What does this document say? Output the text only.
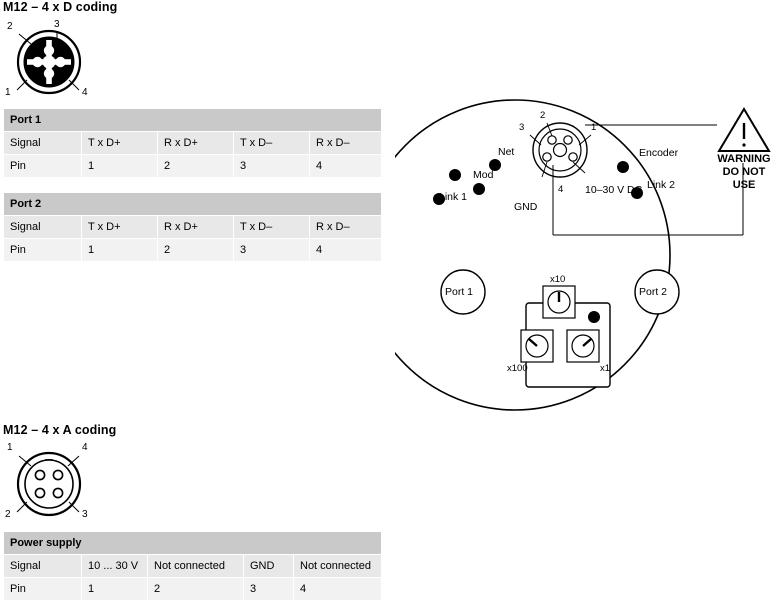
M12 – 4 x D coding
2	3
1	4
Port 1				
Signal	T x D+	R x D+	T x D–	R x D–
Pin	1	2	3	4
Port 2				
Signal	T x D+	R x D+	T x D–	R x D–
Pin	1	2	3	4
M12 – 4 x A coding
1	4
2	3
Power supply				
Signal	10 ... 30 V	Not connected	GND	Not connected
Pin	1	2	3	4
2
3	1
4
Net
Mod
Link 1
Encoder
Link 2
GND
10–30 V DC
Port 1	Port 2
x10
x100	x1
WARNING
DO NOT
USE
